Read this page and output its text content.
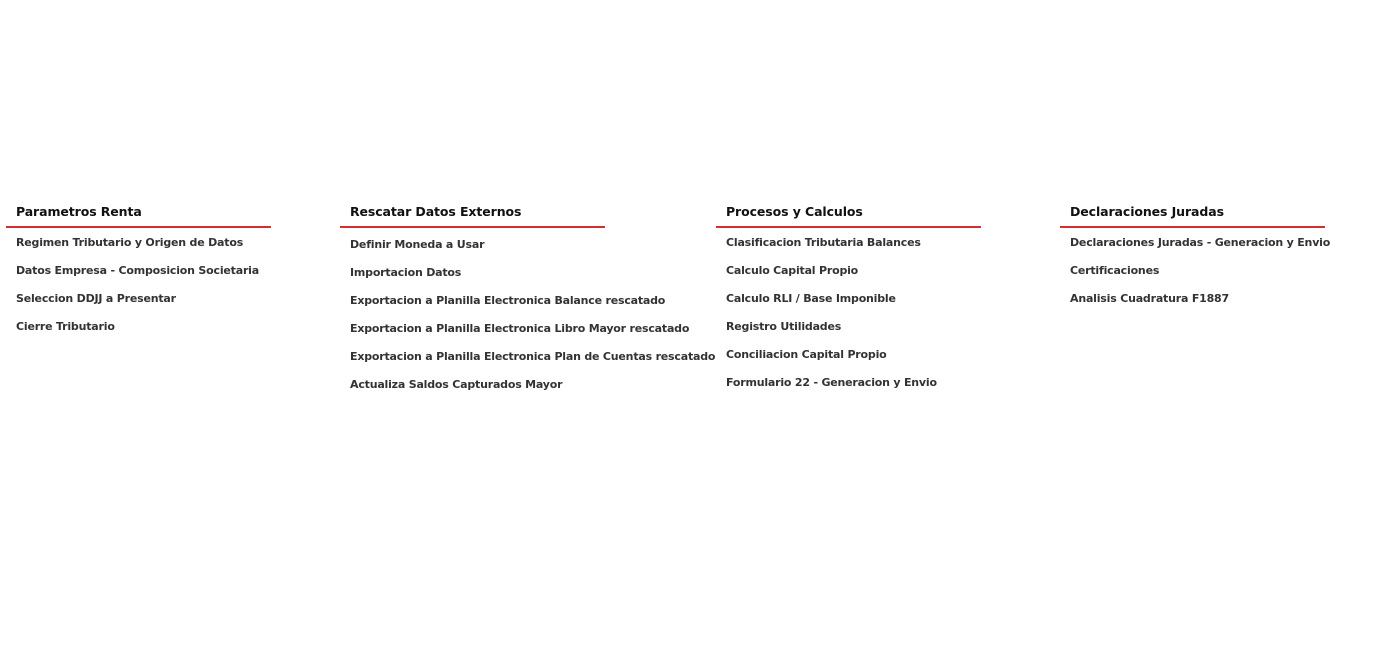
Parametros Renta
Regimen Tributario y Origen de Datos
Datos Empresa - Composicion Societaria
Seleccion DDJJ a Presentar
Cierre Tributario
Rescatar Datos Externos
Definir Moneda a Usar
Importacion Datos
Exportacion a Planilla Electronica Balance rescatado
Exportacion a Planilla Electronica Libro Mayor rescatado
Exportacion a Planilla Electronica Plan de Cuentas rescatado
Actualiza Saldos Capturados Mayor
Procesos y Calculos
Clasificacion Tributaria Balances
Calculo Capital Propio
Calculo RLI / Base Imponible
Registro Utilidades
Conciliacion Capital Propio
Formulario 22 - Generacion y Envio
Declaraciones Juradas
Declaraciones Juradas - Generacion y Envio
Certificaciones
Analisis Cuadratura F1887
